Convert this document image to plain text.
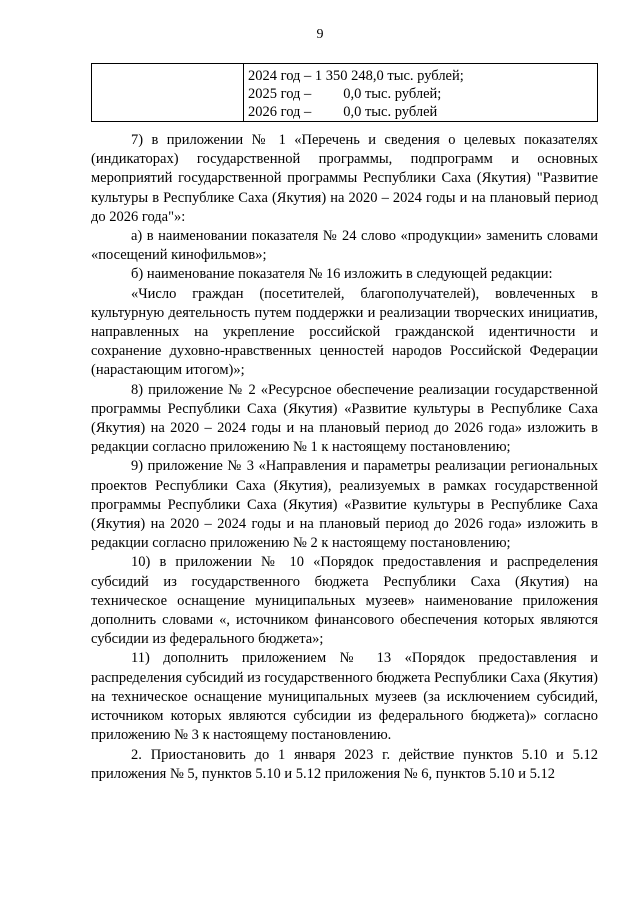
9

2024 год – 1 350 248,0 тыс. рублей;
2025 год – 0,0 тыс. рублей;
2026 год – 0,0 тыс. рублей

7) в приложении № 1 «Перечень и сведения о целевых показателях (индикаторах) государственной программы, подпрограмм и основных мероприятий государственной программы Республики Саха (Якутия) "Развитие культуры в Республике Саха (Якутия) на 2020 – 2024 годы и на плановый период до 2026 года"»:

а) в наименовании показателя № 24 слово «продукции» заменить словами «посещений кинофильмов»;

б) наименование показателя № 16 изложить в следующей редакции:

«Число граждан (посетителей, благополучателей), вовлеченных в культурную деятельность путем поддержки и реализации творческих инициатив, направленных на укрепление российской гражданской идентичности и сохранение духовно-нравственных ценностей народов Российской Федерации (нарастающим итогом)»;

8) приложение № 2 «Ресурсное обеспечение реализации государственной программы Республики Саха (Якутия) «Развитие культуры в Республике Саха (Якутия) на 2020 – 2024 годы и на плановый период до 2026 года» изложить в редакции согласно приложению № 1 к настоящему постановлению;

9) приложение № 3 «Направления и параметры реализации региональных проектов Республики Саха (Якутия), реализуемых в рамках государственной программы Республики Саха (Якутия) «Развитие культуры в Республике Саха (Якутия) на 2020 – 2024 годы и на плановый период до 2026 года» изложить в редакции согласно приложению № 2 к настоящему постановлению;

10) в приложении № 10 «Порядок предоставления и распределения субсидий из государственного бюджета Республики Саха (Якутия) на техническое оснащение муниципальных музеев» наименование приложения дополнить словами «, источником финансового обеспечения которых являются субсидии из федерального бюджета»;

11) дополнить приложением № 13 «Порядок предоставления и распределения субсидий из государственного бюджета Республики Саха (Якутия) на техническое оснащение муниципальных музеев (за исключением субсидий, источником которых являются субсидии из федерального бюджета)» согласно приложению № 3 к настоящему постановлению.

2. Приостановить до 1 января 2023 г. действие пунктов 5.10 и 5.12 приложения № 5, пунктов 5.10 и 5.12 приложения № 6, пунктов 5.10 и 5.12
